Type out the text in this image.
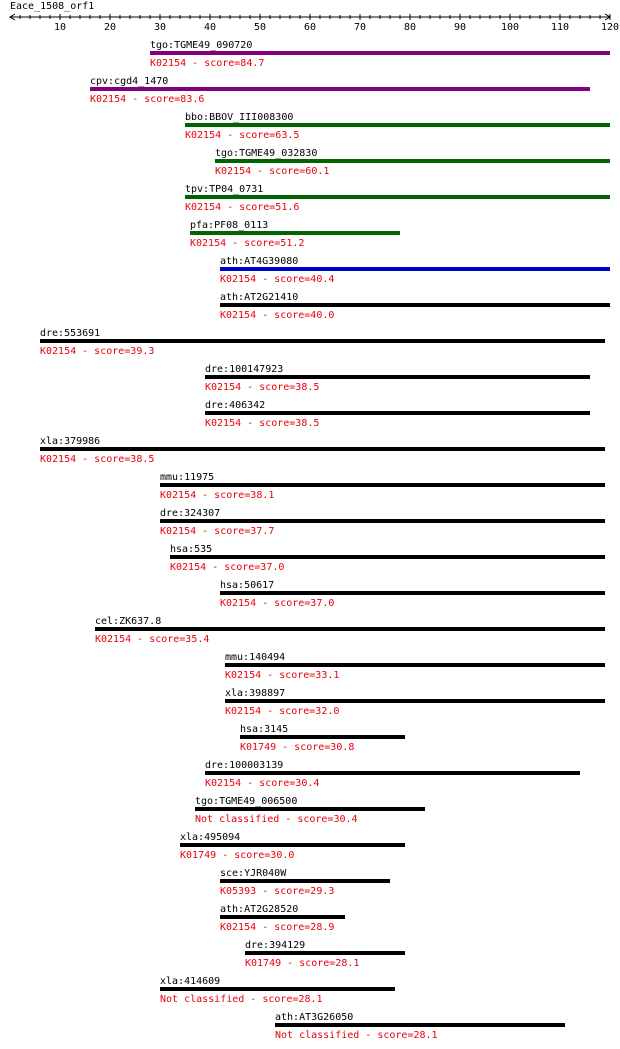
Eace_1508_orf1
10	20	30	40	50	60	70	80	90	100	110	120
tgo:TGME49_090720
K02154 - score=84.7
cpv:cgd4_1470
K02154 - score=83.6
bbo:BBOV_III008300
K02154 - score=63.5
tgo:TGME49_032830
K02154 - score=60.1
tpv:TP04_0731
K02154 - score=51.6
pfa:PF08_0113
K02154 - score=51.2
ath:AT4G39080
K02154 - score=40.4
ath:AT2G21410
K02154 - score=40.0
dre:553691
K02154 - score=39.3
dre:100147923
K02154 - score=38.5
dre:406342
K02154 - score=38.5
xla:379986
K02154 - score=38.5
mmu:11975
K02154 - score=38.1
dre:324307
K02154 - score=37.7
hsa:535
K02154 - score=37.0
hsa:50617
K02154 - score=37.0
cel:ZK637.8
K02154 - score=35.4
mmu:140494
K02154 - score=33.1
xla:398897
K02154 - score=32.0
hsa:3145
K01749 - score=30.8
dre:100003139
K02154 - score=30.4
tgo:TGME49_006500
Not classified - score=30.4
xla:495094
K01749 - score=30.0
sce:YJR040W
K05393 - score=29.3
ath:AT2G28520
K02154 - score=28.9
dre:394129
K01749 - score=28.1
xla:414609
Not classified - score=28.1
ath:AT3G26050
Not classified - score=28.1
